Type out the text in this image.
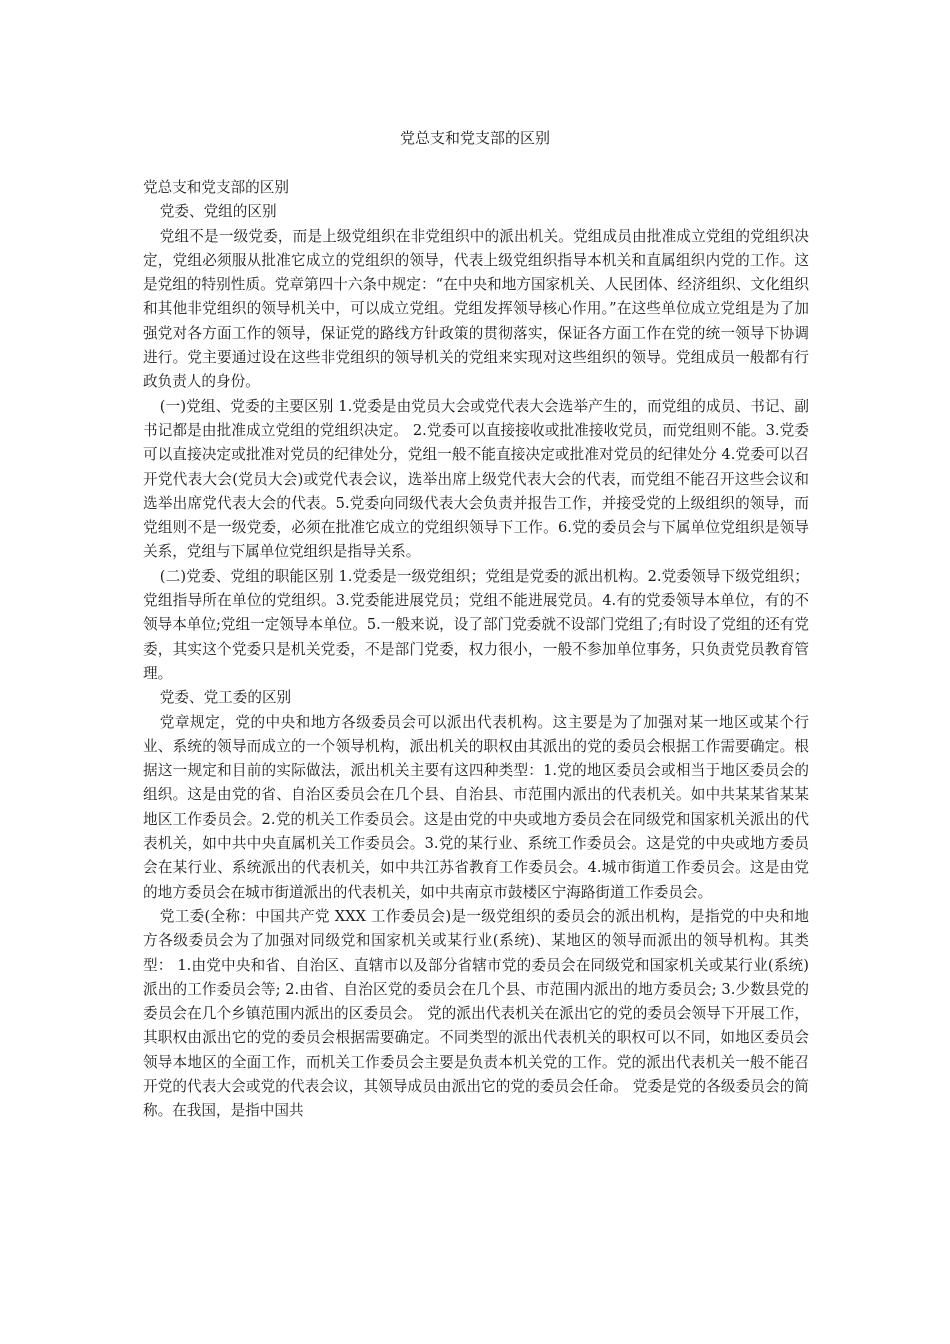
党总支和党支部的区别

党总支和党支部的区别

党委、党组的区别

党组不是一级党委，而是上级党组织在非党组织中的派出机关。党组成员由批准成立党组的党组织决定，党组必须服从批准它成立的党组织的领导，代表上级党组织指导本机关和直属组织内党的工作。这是党组的特别性质。党章第四十六条中规定：“在中央和地方国家机关、人民团体、经济组织、文化组织和其他非党组织的领导机关中，可以成立党组。党组发挥领导核心作用。”在这些单位成立党组是为了加强党对各方面工作的领导，保证党的路线方针政策的贯彻落实，保证各方面工作在党的统一领导下协调进行。党主要通过设在这些非党组织的领导机关的党组来实现对这些组织的领导。党组成员一般都有行政负责人的身份。

(一)党组、党委的主要区别 1.党委是由党员大会或党代表大会选举产生的，而党组的成员、书记、副书记都是由批准成立党组的党组织决定。 2.党委可以直接接收或批准接收党员，而党组则不能。3.党委可以直接决定或批准对党员的纪律处分，党组一般不能直接决定或批准对党员的纪律处分 4.党委可以召开党代表大会(党员大会)或党代表会议，选举出席上级党代表大会的代表，而党组不能召开这些会议和选举出席党代表大会的代表。5.党委向同级代表大会负责并报告工作，并接受党的上级组织的领导，而党组则不是一级党委，必须在批准它成立的党组织领导下工作。6.党的委员会与下属单位党组织是领导关系，党组与下属单位党组织是指导关系。

(二)党委、党组的职能区别 1.党委是一级党组织；党组是党委的派出机构。2.党委领导下级党组织；党组指导所在单位的党组织。3.党委能进展党员；党组不能进展党员。4.有的党委领导本单位，有的不领导本单位;党组一定领导本单位。5.一般来说，设了部门党委就不设部门党组了;有时设了党组的还有党委，其实这个党委只是机关党委，不是部门党委，权力很小，一般不参加单位事务，只负责党员教育管理。

党委、党工委的区别

党章规定，党的中央和地方各级委员会可以派出代表机构。这主要是为了加强对某一地区或某个行业、系统的领导而成立的一个领导机构，派出机关的职权由其派出的党的委员会根据工作需要确定。根据这一规定和目前的实际做法，派出机关主要有这四种类型：1.党的地区委员会或相当于地区委员会的组织。这是由党的省、自治区委员会在几个县、自治县、市范围内派出的代表机关。如中共某某省某某地区工作委员会。2.党的机关工作委员会。这是由党的中央或地方委员会在同级党和国家机关派出的代表机关，如中共中央直属机关工作委员会。3.党的某行业、系统工作委员会。这是党的中央或地方委员会在某行业、系统派出的代表机关，如中共江苏省教育工作委员会。4.城市街道工作委员会。这是由党的地方委员会在城市街道派出的代表机关，如中共南京市鼓楼区宁海路街道工作委员会。

党工委(全称：中国共产党 XXX 工作委员会)是一级党组织的委员会的派出机构，是指党的中央和地方各级委员会为了加强对同级党和国家机关或某行业(系统)、某地区的领导而派出的领导机构。其类型： 1.由党中央和省、自治区、直辖市以及部分省辖市党的委员会在同级党和国家机关或某行业(系统)派出的工作委员会等; 2.由省、自治区党的委员会在几个县、市范围内派出的地方委员会; 3.少数县党的委员会在几个乡镇范围内派出的区委员会。 党的派出代表机关在派出它的党的委员会领导下开展工作，其职权由派出它的党的委员会根据需要确定。不同类型的派出代表机关的职权可以不同，如地区委员会领导本地区的全面工作，而机关工作委员会主要是负责本机关党的工作。党的派出代表机关一般不能召开党的代表大会或党的代表会议，其领导成员由派出它的党的委员会任命。 党委是党的各级委员会的简称。在我国，是指中国共
